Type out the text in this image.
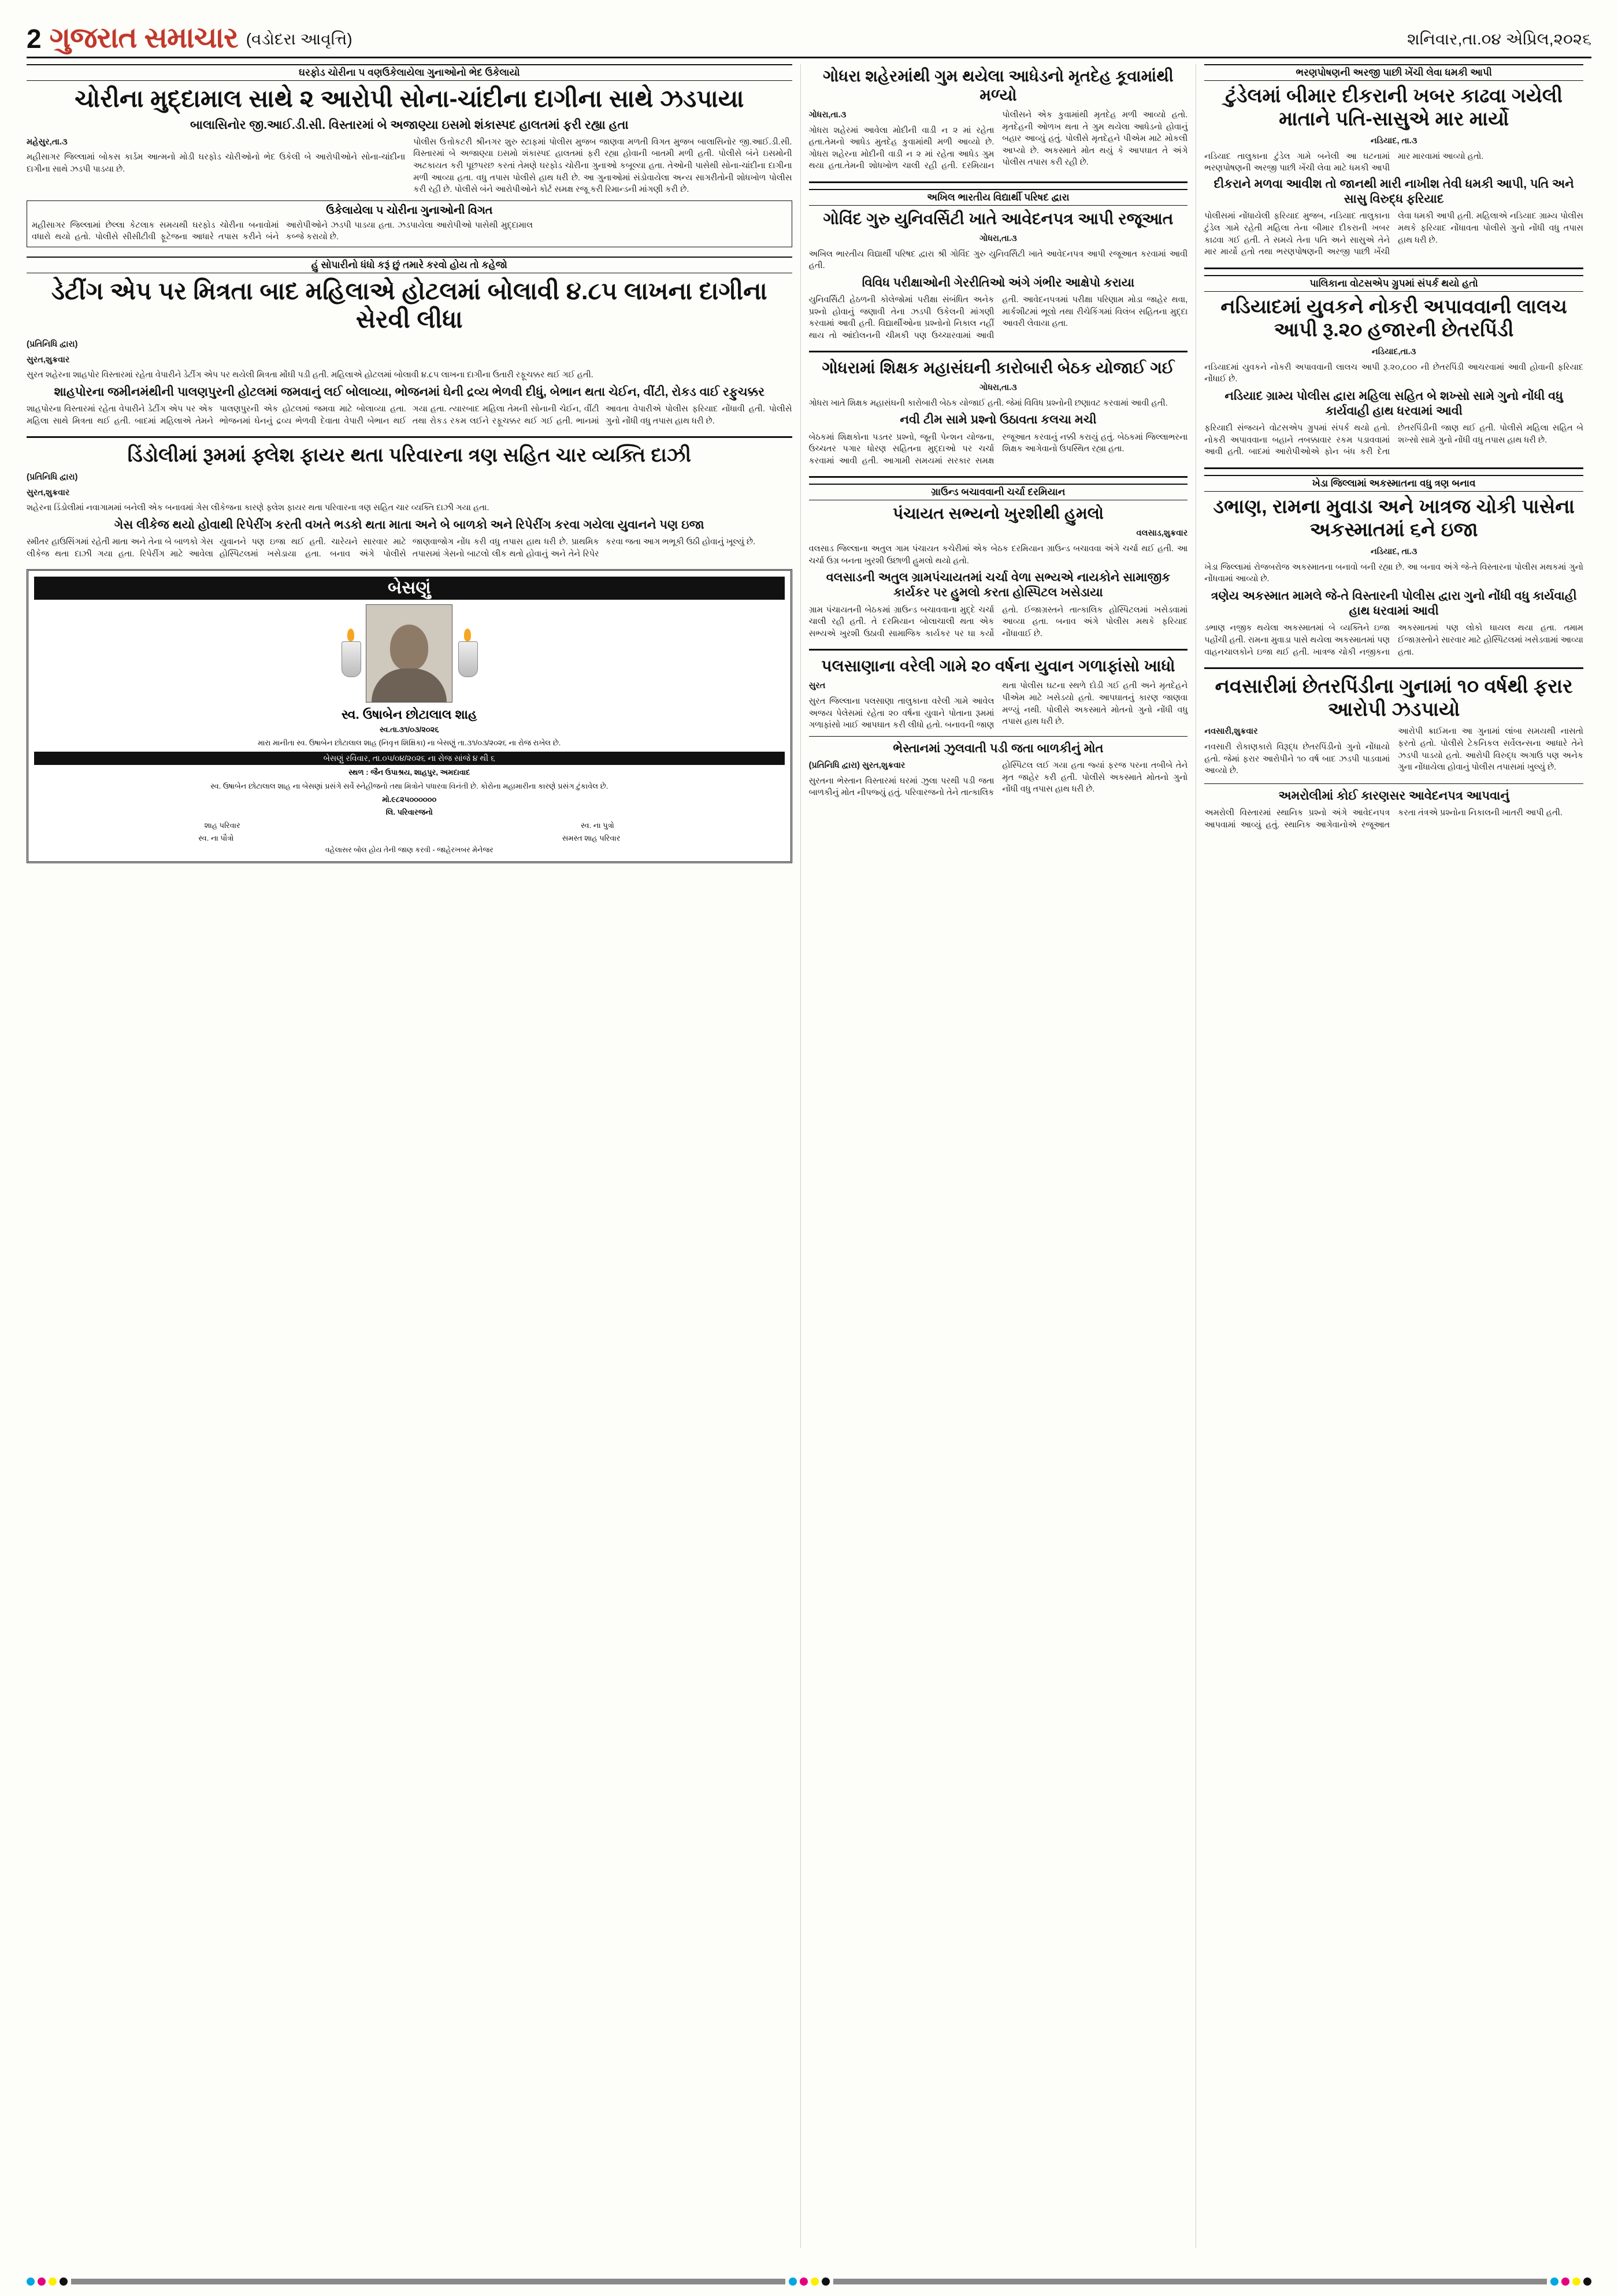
2 ગુજરાત સમાચાર (વડોદરા આવૃત્તિ)	શનિવાર,તા.૦૪ એપ્રિલ,૨૦૨૬
ઘરફોડ ચોરીના ૫ વણઉકેલાયેલા ગુનાઓનો ભેદ ઉકેલાયો
ચોરીના મુદ્દામાલ સાથે ૨ આરોપી સોના-ચાંદીના દાગીના સાથે ઝડપાયા
બાલાસિનોર જી.આઈ.ડી.સી. વિસ્તારમાં બે અજાણ્યા ઇસમો શંકાસ્પદ હાલતમાં ફરી રહ્યા હતા

મહેસુર,તા.૩

મહીસાગર જિલ્લામાં બોકસ કાર્ડમ આત્મનો મોડી ઘરફોડ ચોરીઓનો ભેદ ઉકેલી બે આરોપીઓને સોના-ચાંદીના દાગીના સાથે ઝડપી પાડયા છે.

પોલીસ ઉત્તોકટરી શ્રીનગર શુરુ સ્ટાફમાં પોલીસ મુજબ જાણવા મળતી વિગત મુજબ બાલાસિનોર જી.આઈ.ડી.સી. વિસ્તારમાં બે અજાણ્યા ઇસમો શંકાસ્પદ હાલતમાં ફરી રહ્યા હોવાની બાતમી મળી હતી. પોલીસે બંને ઇસમોની અટકાયત કરી પૂછપરછ કરતાં તેમણે ઘરફોડ ચોરીના ગુનાઓ કબૂલ્યા હતા. તેઓની પાસેથી સોના-ચાંદીના દાગીના મળી આવ્યા હતા. વધુ તપાસ પોલીસે હાથ ધરી છે. આ ગુનાઓમાં સંડોવાયેલા અન્ય સાગરીતોની શોધખોળ પોલીસ કરી રહી છે. પોલીસે બંને આરોપીઓને કોર્ટ સમક્ષ રજૂ કરી રિમાન્ડની માંગણી કરી છે.

ઉકેલાયેલા ૫ ચોરીના ગુનાઓની વિગત
મહીસાગર જિલ્લામાં છેલ્લા કેટલાક સમયથી ઘરફોડ ચોરીના બનાવોમાં વધારો થયો હતો. પોલીસે સીસીટીવી ફૂટેજના આધારે તપાસ કરીને બંને આરોપીઓને ઝડપી પાડયા હતા. ઝડપાયેલા આરોપીઓ પાસેથી મુદ્દામાલ કબ્જે કરાયો છે.
હું સોપારીનો ધંધો કરૂં છું તમારે કરવો હોય તો કહેજો
ડેટીંગ એપ પર મિત્રતા બાદ મહિલાએ હોટલમાં બોલાવી ૪.૮૫ લાખના દાગીના સેરવી લીધા

(પ્રતિનિધિ દ્વારા)

સુરત,શુક્રવાર

સુરત શહેરના શાહપોર વિસ્તારમાં રહેતા વેપારીને ડેટીંગ એપ પર થયેલી મિત્રતા મોંઘી પડી હતી. મહિલાએ હોટલમાં બોલાવી ૪.૮૫ લાખના દાગીના ઉતારી રફૂચક્કર થઈ ગઈ હતી.

શાહપોરના જમીનમંથીની પાલણપુરની હોટલમાં જમવાનું લઈ બોલાવ્યા, ભોજનમાં ઘેની દ્રવ્ય ભેળવી દીધું, બેભાન થતા ચેઈન, વીંટી, રોકડ વાઈ રફુચક્કર
શાહપોરના વિસ્તારમાં રહેતા વેપારીને ડેટીંગ એપ પર એક મહિલા સાથે મિત્રતા થઈ હતી. બાદમાં મહિલાએ તેમને પાલણપુરની એક હોટલમાં જમવા માટે બોલાવ્યા હતા. ભોજનમાં ઘેનનું દ્રવ્ય ભેળવી દેવાતા વેપારી બેભાન થઈ ગયા હતા. ત્યારબાદ મહિલા તેમની સોનાની ચેઈન, વીંટી તથા રોકડ રકમ લઈને રફૂચક્કર થઈ ગઈ હતી. ભાનમાં આવતા વેપારીએ પોલીસ ફરિયાદ નોંધાવી હતી. પોલીસે ગુનો નોંધી વધુ તપાસ હાથ ધરી છે.
ડિંડોલીમાં રૂમમાં ફ્લેશ ફાયર થતા પરિવારના ત્રણ સહિત ચાર વ્યક્તિ દાઝી

(પ્રતિનિધિ દ્વારા)

સુરત,શુક્રવાર

શહેરના ડિંડોલીમાં નવાગામમાં બનેલી એક બનાવમાં ગેસ લીકેજના કારણે ફ્લેશ ફાયર થતા પરિવારના ત્રણ સહિત ચાર વ્યક્તિ દાઝી ગયા હતા.

ગેસ લીકેજ થયો હોવાથી રિપેરીંગ કરતી વખતે ભડકો થતા માતા અને બે બાળકો અને રિપેરીંગ કરવા ગયેલા યુવાનને પણ ઇજા
સ્મીતર હાઉસિંગમાં રહેતી માતા અને તેના બે બાળકો ગેસ લીકેજ થતા દાઝી ગયા હતા. રિપેરીંગ માટે આવેલા યુવાનને પણ ઇજા થઈ હતી. ચારેયને સારવાર માટે હોસ્પિટલમાં ખસેડાયા હતા. બનાવ અંગે પોલીસે જાણવાજોગ નોંધ કરી વધુ તપાસ હાથ ધરી છે. પ્રાથમિક તપાસમાં ગેસનો બાટલો લીક થતો હોવાનું અને તેને રિપેર કરવા જતા આગ ભભૂકી ઉઠી હોવાનું ખૂલ્યું છે.
બેસણું
સ્વ. ઉષાબેન છોટાલાલ શાહ
સ્વ.તા.૩૧/૦૩/૨૦૨૬
મારા માનીતા સ્વ. ઉષાબેન છોટાલાલ શાહ (નિવૃત્ત શિક્ષિકા) ના બેસણું તા.૩૧/૦૩/૨૦૨૬ ના રોજ રાખેલ છે.
બેસણું રવિવાર, તા.૦૫/૦૪/૨૦૨૬ ના રોજ સાંજે ૪ થી ૬
સ્થળ : જૈન ઉપાશ્રય, શાહપુર, અમદાવાદ
સ્વ. ઉષાબેન છોટાલાલ શાહ ના બેસણાં પ્રસંગે સર્વે સ્નેહીજનો તથા મિત્રોને પધારવા વિનંતી છે. કોરોના મહામારીના કારણે પ્રસંગ ટુંકાવેલ છે.
મો.૯૮૨૫૦૦૦૦૦૦
લિ. પરિવારજનો
શાહ પરિવાર	સ્વ. ના પુત્રો
સ્વ. ના પૌત્રો	સમસ્ત શાહ પરિવાર
વહેલાસર બોલ હોય તેની જાણ કરવી - જાહેરખબર મેનેજર
ગોધરા શહેરમાંથી ગુમ થયેલા આધેડનો મૃતદેહ કૂવામાંથી મળ્યો

ગોધરા,તા.૩

ગોધરા શહેરમાં આવેલા મોદીની વાડી ન ૨ માં રહેતા હતા.તેમનો આધેડ મુતદેહ કુવામાંથી મળી આવ્યો છે. ગોધરા શહેરના મોદીની વાડી ન ૨ માં રહેતા આધેડ ગુમ થયા હતા.તેમની શોધખોળ ચાલી રહી હતી. દરમિયાન પોલીસને એક કુવામાંથી મૃતદેહ મળી આવ્યો હતો. મૃતદેહની ઓળખ થતા તે ગુમ થયેલા આધેડનો હોવાનું બહાર આવ્યું હતું. પોલીસે મૃતદેહને પીએમ માટે મોકલી આપ્યો છે. અકસ્માતે મોત થયું કે આપઘાત તે અંગે પોલીસ તપાસ કરી રહી છે.

અખિલ ભારતીય વિદ્યાર્થી પરિષદ દ્વારા
ગોવિંદ ગુરુ યુનિવર્સિટી ખાતે આવેદનપત્ર આપી રજૂઆત

ગોધરા,તા.૩

અખિલ ભારતીય વિદ્યાર્થી પરિષદ દ્વારા શ્રી ગોવિંદ ગુરુ યુનિવર્સિટી ખાતે આવેદનપત્ર આપી રજૂઆત કરવામાં આવી હતી.

વિવિધ પરીક્ષાઓની ગેરરીતિઓ અંગે ગંભીર આક્ષેપો કરાયા
યુનિવર્સિટી હેઠળની કોલેજોમાં પરીક્ષા સંબંધિત અનેક પ્રશ્નો હોવાનું જણાવી તેના ઝડપી ઉકેલની માંગણી કરવામાં આવી હતી. વિદ્યાર્થીઓના પ્રશ્નોનો નિકાલ નહીં થાય તો આંદોલનની ચીમકી પણ ઉચ્ચારવામાં આવી હતી. આવેદનપત્રમાં પરીક્ષા પરિણામ મોડા જાહેર થવા, માર્કશીટમાં ભૂલો તથા રીચેકિંગમાં વિલંબ સહિતના મુદ્દા આવરી લેવાયા હતા.
ગોધરામાં શિક્ષક મહાસંઘની કારોબારી બેઠક યોજાઈ ગઈ

ગોધરા,તા.૩

ગોધરા ખાતે શિક્ષક મહાસંઘની કારોબારી બેઠક યોજાઈ હતી. જેમાં વિવિધ પ્રશ્નોની છણાવટ કરવામાં આવી હતી.

નવી ટીમ સામે પ્રશ્નો ઉઠાવતા કલચા મચી
બેઠકમાં શિક્ષકોના પડતર પ્રશ્નો, જૂની પેન્શન યોજના, ઉચ્ચતર પગાર ધોરણ સહિતના મુદ્દાઓ પર ચર્ચા કરવામાં આવી હતી. આગામી સમયમાં સરકાર સમક્ષ રજૂઆત કરવાનું નક્કી કરાયું હતું. બેઠકમાં જિલ્લાભરના શિક્ષક આગેવાનો ઉપસ્થિત રહ્યા હતા.
ગ્રાઉન્ડ બચાવવાની ચર્ચા દરમિયાન
પંચાયત સભ્યનો ખુરશીથી હુમલો

વલસાડ,શુક્રવાર

વલસાડ જિલ્લાના અતુલ ગામ પંચાયત કચેરીમાં એક બેઠક દરમિયાન ગ્રાઉન્ડ બચાવવા અંગે ચર્ચા થઈ હતી. આ ચર્ચા ઉગ્ર બનતા ખુરશી ઉછાળી હુમલો થયો હતો.

વલસાડની અતુલ ગ્રામપંચાયતમાં ચર્ચા વેળા સભ્યએ નાયકોને સામાજીક કાર્યકર પર હુમલો કરતા હોસ્પિટલ ખસેડાયા
ગ્રામ પંચાયતની બેઠકમાં ગ્રાઉન્ડ બચાવવાના મુદ્દે ચર્ચા ચાલી રહી હતી. તે દરમિયાન બોલાચાલી થતા એક સભ્યએ ખુરશી ઉઠાવી સામાજિક કાર્યકર પર ઘા કર્યો હતો. ઈજાગ્રસ્તને તાત્કાલિક હોસ્પિટલમાં ખસેડવામાં આવ્યા હતા. બનાવ અંગે પોલીસ મથકે ફરિયાદ નોંધાવાઈ છે.
પલસાણાના વરેલી ગામે ૨૦ વર્ષના યુવાન ગળાફાંસો ખાધો

સુરત

સુરત જિલ્લાના પલસાણા તાલુકાના વરેલી ગામે આવેલ અજય પેલેસમાં રહેતા ૨૦ વર્ષના યુવાને પોતાના રૂમમાં ગળાફાંસો ખાઈ આપઘાત કરી લીધો હતો. બનાવની જાણ થતા પોલીસ ઘટના સ્થળે દોડી ગઈ હતી અને મૃતદેહને પીએમ માટે ખસેડયો હતો. આપઘાતનું કારણ જાણવા મળ્યું નથી. પોલીસે અકસ્માતે મોતનો ગુનો નોંધી વધુ તપાસ હાથ ધરી છે.

ભેસ્તાનમાં ઝુલવાતી પડી જતા બાળકીનું મોત

(પ્રતિનિધિ દ્વારા) સુરત,શુક્રવાર

સુરતના ભેસ્તાન વિસ્તારમાં ઘરમાં ઝુલા પરથી પડી જતા બાળકીનું મોત નીપજ્યું હતું. પરિવારજનો તેને તાત્કાલિક હોસ્પિટલ લઈ ગયા હતા જ્યાં ફરજ પરના તબીબે તેને મૃત જાહેર કરી હતી. પોલીસે અકસ્માતે મોતનો ગુનો નોંધી વધુ તપાસ હાથ ધરી છે.

ભરણપોષણની અરજી પાછી ખેંચી લેવા ધમકી આપી
ટુંડેલમાં બીમાર દીકરાની ખબર કાઢવા ગયેલી માતાને પતિ-સાસુએ માર માર્યો

નડિયાદ, તા.૩

નડિયાદ તાલુકાના ટુંડેલ ગામે બનેલી આ ઘટનામાં ભરણપોષણની અરજી પાછી ખેંચી લેવા માટે ધમકી આપી માર મારવામાં આવ્યો હતો.

દીકરાને મળવા આવીશ તો જાનથી મારી નાખીશ તેવી ધમકી આપી, પતિ અને સાસુ વિરુદ્ધ ફરિયાદ
પોલીસમાં નોંધાયેલી ફરિયાદ મુજબ, નડિયાદ તાલુકાના ટુંડેલ ગામે રહેતી મહિલા તેના બીમાર દીકરાની ખબર કાઢવા ગઈ હતી. તે સમયે તેના પતિ અને સાસુએ તેને માર માર્યો હતો તથા ભરણપોષણની અરજી પાછી ખેંચી લેવા ધમકી આપી હતી. મહિલાએ નડિયાદ ગ્રામ્ય પોલીસ મથકે ફરિયાદ નોંધાવતા પોલીસે ગુનો નોંધી વધુ તપાસ હાથ ધરી છે.
પાલિકાના વોટસએપ ગ્રુપમાં સંપર્ક થયો હતો
નડિયાદમાં યુવકને નોકરી અપાવવાની લાલચ આપી રૂ.૨૦ હજારની છેતરપિંડી

નડિયાદ,તા.૩

નડિયાદમાં યુવકને નોકરી અપાવવાની લાલચ આપી રૂ.૨૦,૮૦૦ ની છેતરપિંડી આચરવામાં આવી હોવાની ફરિયાદ નોંધાઈ છે.

નડિયાદ ગ્રામ્ય પોલીસ દ્વારા મહિલા સહિત બે શખ્સો સામે ગુનો નોંધી વધુ કાર્યવાહી હાથ ધરવામાં આવી
ફરિયાદી સંજયને વોટસએપ ગ્રુપમાં સંપર્ક થયો હતો. નોકરી અપાવવાના બહાને તબક્કાવાર રકમ પડાવવામાં આવી હતી. બાદમાં આરોપીઓએ ફોન બંધ કરી દેતા છેતરપિંડીની જાણ થઈ હતી. પોલીસે મહિલા સહિત બે શખ્સો સામે ગુનો નોંધી વધુ તપાસ હાથ ધરી છે.
ખેડા જિલ્લામાં અકસ્માતના વધુ ત્રણ બનાવ
ડભાણ, રામના મુવાડા અને ખાત્રજ ચોકી પાસેના અકસ્માતમાં ૬ને ઇજા

નડિયાદ, તા.૩

ખેડા જિલ્લામાં રોજબરોજ અકસ્માતના બનાવો બની રહ્યા છે. આ બનાવ અંગે જે-તે વિસ્તારના પોલીસ મથકમાં ગુનો નોંધવામાં આવ્યો છે.

ત્રણેય અકસ્માત મામલે જે-તે વિસ્તારની પોલીસ દ્વારા ગુનો નોંધી વધુ કાર્યવાહી હાથ ધરવામાં આવી
ડભાણ નજીક થયેલા અકસ્માતમાં બે વ્યક્તિને ઇજા પહોંચી હતી. રામના મુવાડા પાસે થયેલા અકસ્માતમાં પણ વાહનચાલકોને ઇજા થઈ હતી. ખાત્રજ ચોકી નજીકના અકસ્માતમાં પણ લોકો ઘાયલ થયા હતા. તમામ ઈજાગ્રસ્તોને સારવાર માટે હોસ્પિટલમાં ખસેડવામાં આવ્યા હતા.
નવસારીમાં છેતરપિંડીના ગુનામાં ૧૦ વર્ષથી ફરાર આરોપી ઝડપાયો

નવસારી,શુક્રવાર

નવસારી રોકાણકારો વિરૂદ્ધ છેતરપિંડીનો ગુનો નોંધાયો હતો. જેમાં ફરાર આરોપીને ૧૦ વર્ષ બાદ ઝડપી પાડવામાં આવ્યો છે.

આરોપી ક્રાઈમના આ ગુનામાં લાંબા સમયથી નાસતો ફરતો હતો. પોલીસે ટેકનિકલ સર્વેલન્સના આધારે તેને ઝડપી પાડયો હતો. આરોપી વિરુદ્ધ અગાઉ પણ અનેક ગુના નોંધાયેલા હોવાનું પોલીસ તપાસમાં ખુલ્યું છે.

અમરોલીમાં કોઈ કારણસર આવેદનપત્ર આપવાનું
અમરોલી વિસ્તારમાં સ્થાનિક પ્રશ્નો અંગે આવેદનપત્ર આપવામાં આવ્યું હતું. સ્થાનિક આગેવાનોએ રજૂઆત કરતા તંત્રએ પ્રશ્નોના નિકાલની ખાતરી આપી હતી.
